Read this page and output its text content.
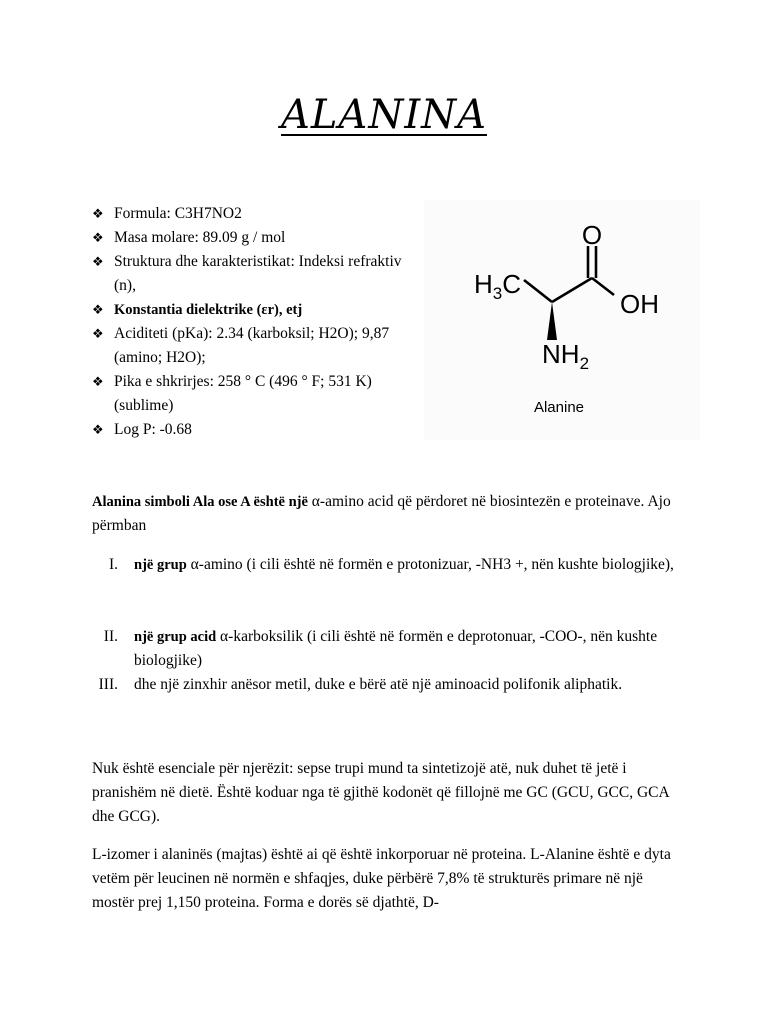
ALANINA
❖ Formula: C3H7NO2
❖ Masa molare: 89.09 g / mol
❖ Struktura dhe karakteristikat: Indeksi refraktiv (n),
❖ Konstantia dielektrike (εr), etj
❖ Aciditeti (pKa): 2.34 (karboksil; H2O); 9,87 (amino; H2O);
❖ Pika e shkrirjes: 258 ° C (496 ° F; 531 K) (sublime)
❖ Log P: -0.68
O
OH
$H_3C$
$NH_2$
Alanine

Alanina simboli Ala ose A është një α-amino acid që përdoret në biosintezën e proteinave. Ajo përmban

I. një grup α-amino (i cili është në formën e protonizuar, -NH3 +, nën kushte biologjike),
II. një grup acid α-karboksilik (i cili është në formën e deprotonuar, -COO-, nën kushte biologjike)
III. dhe një zinxhir anësor metil, duke e bërë atë një aminoacid polifonik aliphatik.

Nuk është esenciale për njerëzit: sepse trupi mund ta sintetizojë atë, nuk duhet të jetë i pranishëm në dietë. Është koduar nga të gjithë kodonët që fillojnë me GC (GCU, GCC, GCA dhe GCG).

L-izomer i alaninës (majtas) është ai që është inkorporuar në proteina. L-Alanine është e dyta vetëm për leucinen në normën e shfaqjes, duke përbërë 7,8% të strukturës primare në një mostër prej 1,150 proteina. Forma e dorës së djathtë, D-
